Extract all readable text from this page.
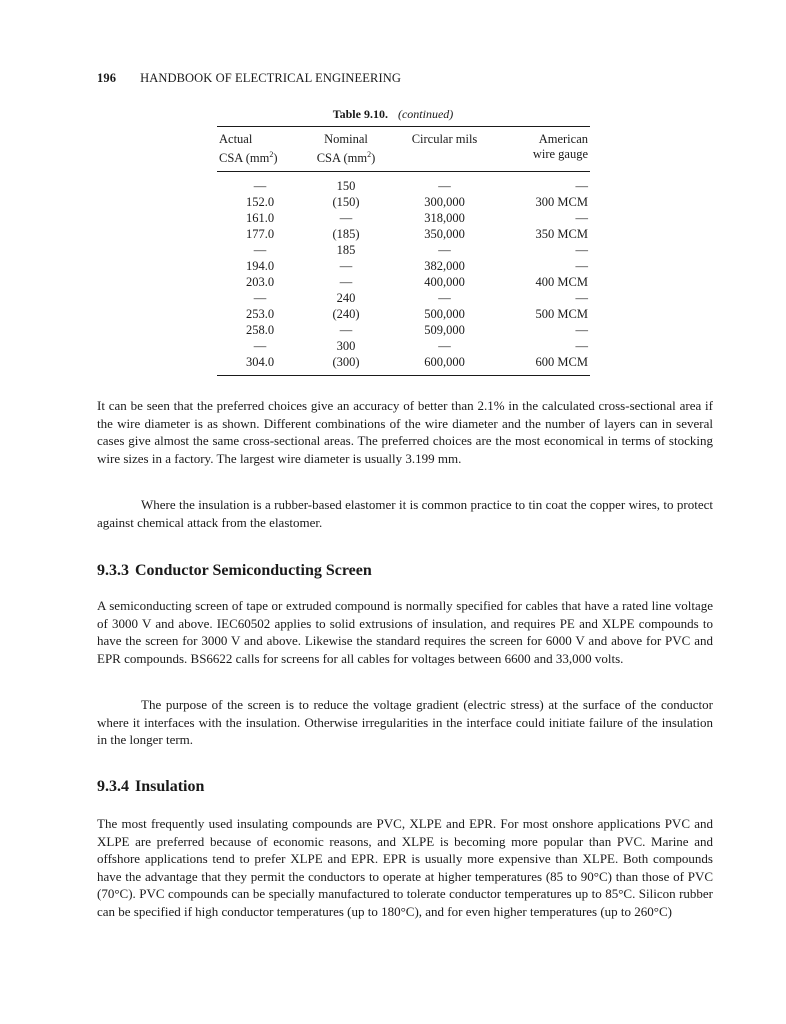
196 HANDBOOK OF ELECTRICAL ENGINEERING
Table 9.10. (continued)
Actual	Nominal	Circular mils	American
CSA $(mm^2)$	CSA $(mm^2)$		wire gauge
—	150	—	—
152.0	(150)	300,000	300 MCM
161.0	—	318,000	—
177.0	(185)	350,000	350 MCM
—	185	—	—
194.0	—	382,000	—
203.0	—	400,000	400 MCM
—	240	—	—
253.0	(240)	500,000	500 MCM
258.0	—	509,000	—
—	300	—	—
304.0	(300)	600,000	600 MCM

It can be seen that the preferred choices give an accuracy of better than 2.1% in the calculated cross-sectional area if the wire diameter is as shown. Different combinations of the wire diameter and the number of layers can in several cases give almost the same cross-sectional areas. The preferred choices are the most economical in terms of stocking wire sizes in a factory. The largest wire diameter is usually 3.199 mm.

Where the insulation is a rubber-based elastomer it is common practice to tin coat the copper wires, to protect against chemical attack from the elastomer.

9.3.3 Conductor Semiconducting Screen

A semiconducting screen of tape or extruded compound is normally specified for cables that have a rated line voltage of 3000 V and above. IEC60502 applies to solid extrusions of insulation, and requires PE and XLPE compounds to have the screen for 3000 V and above. Likewise the standard requires the screen for 6000 V and above for PVC and EPR compounds. BS6622 calls for screens for all cables for voltages between 6600 and 33,000 volts.

The purpose of the screen is to reduce the voltage gradient (electric stress) at the surface of the conductor where it interfaces with the insulation. Otherwise irregularities in the interface could initiate failure of the insulation in the longer term.

9.3.4 Insulation

The most frequently used insulating compounds are PVC, XLPE and EPR. For most onshore applications PVC and XLPE are preferred because of economic reasons, and XLPE is becoming more popular than PVC. Marine and offshore applications tend to prefer XLPE and EPR. EPR is usually more expensive than XLPE. Both compounds have the advantage that they permit the conductors to operate at higher temperatures (85 to 90°C) than those of PVC (70°C). PVC compounds can be specially manufactured to tolerate conductor temperatures up to 85°C. Silicon rubber can be specified if high conductor temperatures (up to 180°C), and for even higher temperatures (up to 260°C)
